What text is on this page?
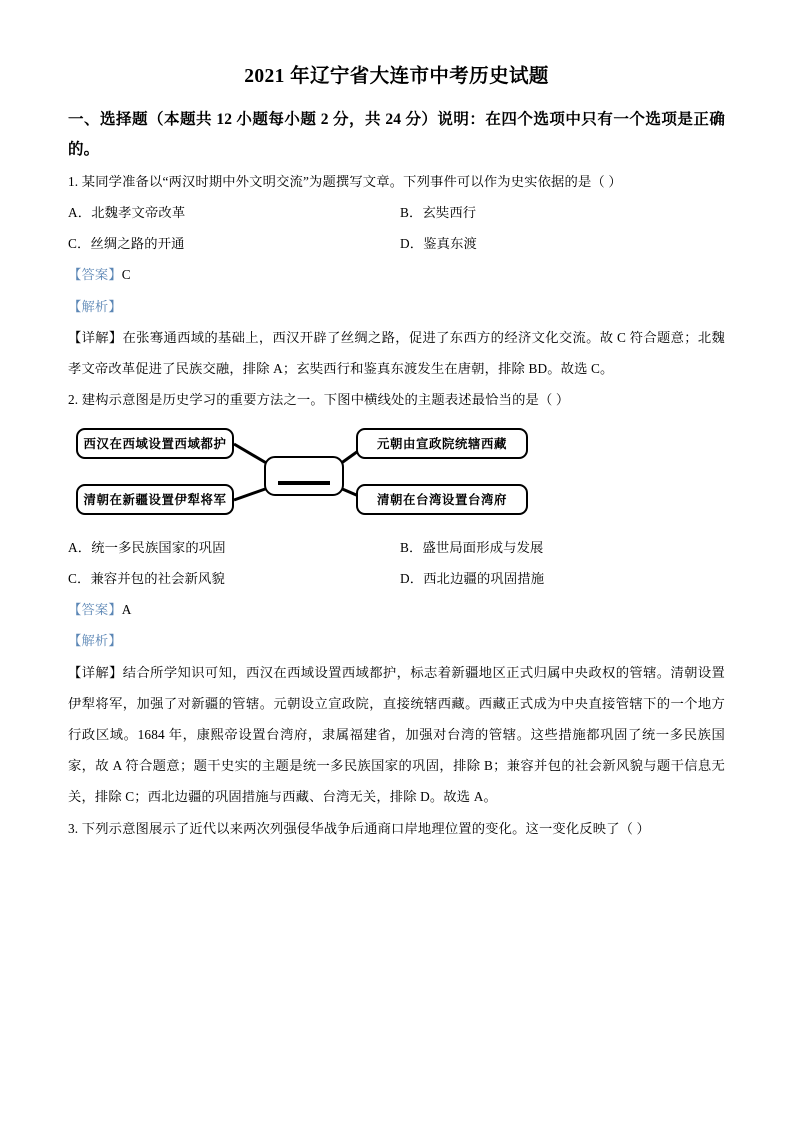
2021 年辽宁省大连市中考历史试题
一、选择题（本题共 12 小题每小题 2 分，共 24 分）说明：在四个选项中只有一个选项是正确的。
1. 某同学准备以“两汉时期中外文明交流”为题撰写文章。下列事件可以作为史实依据的是（ ）
A．北魏孝文帝改革	B．玄奘西行
C．丝绸之路的开通	D．鉴真东渡
【答案】C
【解析】
【详解】在张骞通西域的基础上，西汉开辟了丝绸之路，促进了东西方的经济文化交流。故 C 符合题意；北魏孝文帝改革促进了民族交融，排除 A；玄奘西行和鉴真东渡发生在唐朝，排除 BD。故选 C。
2. 建构示意图是历史学习的重要方法之一。下图中横线处的主题表述最恰当的是（ ）
西汉在西域设置西域都护
清朝在新疆设置伊犁将军
元朝由宣政院统辖西藏
清朝在台湾设置台湾府
A．统一多民族国家的巩固	B．盛世局面形成与发展
C．兼容并包的社会新风貌	D．西北边疆的巩固措施
【答案】A
【解析】
【详解】结合所学知识可知，西汉在西域设置西域都护，标志着新疆地区正式归属中央政权的管辖。清朝设置伊犁将军，加强了对新疆的管辖。元朝设立宣政院，直接统辖西藏。西藏正式成为中央直接管辖下的一个地方行政区域。1684 年，康熙帝设置台湾府，隶属福建省，加强对台湾的管辖。这些措施都巩固了统一多民族国家，故 A 符合题意；题干史实的主题是统一多民族国家的巩固，排除 B；兼容并包的社会新风貌与题干信息无关，排除 C；西北边疆的巩固措施与西藏、台湾无关，排除 D。故选 A。
3. 下列示意图展示了近代以来两次列强侵华战争后通商口岸地理位置的变化。这一变化反映了（ ）
